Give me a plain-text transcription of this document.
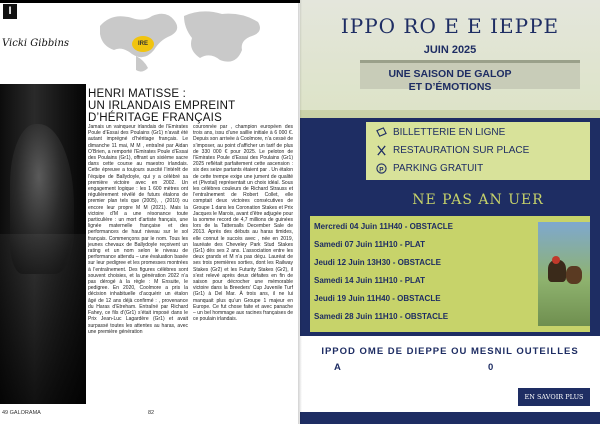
I
Vicki Gibbins	IRE
HENRI MATISSE :
UN IRLANDAIS EMPREINT
D’HÉRITAGE FRANÇAIS
Jamais un vainqueur irlandais de l’Emirates Poule d’Essai des Poulains (Gr1) n’avait été autant imprégné d’héritage français. Le dimanche 11 mai, M M , entraîné par Aidan O’Brien, a remporté l’Emirates Poule d’Essai des Poulains (Gr1), offrant un sixième sacre dans cette course au maestro irlandais. Cette épreuve a toujours suscité l’intérêt de l’équipe de Ballydoyle, qui y a célébré sa première victoire avec en 2002. Un engagement logique : les 1 600 mètres ont régulièrement révélé de futurs étalons de premier plan tels que (2005), , (2010) ou encore leur propre M M (2021). Mais la victoire d’M a une résonance toute particulière : un mort d’artiste français, une lignée maternelle française et des performances de haut niveau sur le sol français. Commençons par le nom. Tous les jeunes chevaux de Ballydoyle reçoivent un rating et un nom selon le niveau de performance attendu – une évaluation basée sur leur pedigree et les promesses montrées à l’entraînement. Des figures célèbres sont souvent choisies, et la génération 2022 n’a pas dérogé à la règle : M Ensuite, le pedigree. En 2020, Coolmore a pris la décision inhabituelle d’acquérir un étalon âgé de 12 ans déjà confirmé : , provenance du Haras d’Etreham. Entraîné par Richard Fahey, ce fils d’(Gr1) s’était imposé dans le Prix Jean-Luc Lagardère (Gr1) et avait surpassé toutes les attentes au haras, avec une première génération
couronnée par , champion européen des trois ans, issu d’une saillie initiale à 6 000 €. Depuis son arrivée à Coolmore, n’a cessé de s’imposer, au point d’afficher un tarif de plus de 330 000 € pour 2025. Le peloton de l’Emirates Poule d’Essai des Poulains (Gr1) 2025 reflétait parfaitement cette ascension : six des seize partants étaient par . Un étalon de cette trempe exige une jument de qualité et (Pivotal) représentait un choix idéal. Sous les célèbres couleurs de Richard Strauss et l’entraînement de Robert Collet, elle comptait deux victoires consécutives de Groupe 1 dans les Coronation Stakes et Prix Jacques le Marois, avant d’être adjugée pour la somme record de 4,7 millions de guinées lors de la Tattersalls December Sale de 2013. Après des débuts au haras timides, elle connut le succès avec , née en 2019, lauréate des Cheveley Park Stud Stakes (Gr1) dès ses 2 ans. L’association entre les deux grands et M n’a pas déçu. Lauréat de ses trois premières sorties, dont les Railway Stakes (Gr2) et les Futurity Stakes (Gr2), il s’est relevé après deux défaites en fin de saison pour décrocher une mémorable victoire dans la Breeders’ Cup Juvenile Turf (Gr1) à Del Mar. À trois ans, il ne lui manquait plus qu’un Groupe 1 majeur en Europe. Ce fut chose faite et avec panache – un bel hommage aux racines françaises de ce poulain irlandais.
49 GALORAMA	82
IPPO RO E E IEPPE
JUIN 2025
UNE SAISON DE GALOP
ET D’ÉMOTIONS
BILLETTERIE EN LIGNE
RESTAURATION SUR PLACE
P PARKING GRATUIT
NE PAS AN UER
Mercredi 04 Juin 11H40 - OBSTACLE
Samedi 07 Juin 11H10 - PLAT
Jeudi 12 Juin 13H30 - OBSTACLE
Samedi 14 Juin 11H10 - PLAT
Jeudi 19 Juin 11H40 - OBSTACLE
Samedi 28 Juin 11H10 - OBSTACLE
IPPOD OME DE DIEPPE OU MESNIL OUTEILLES
A	0
EN SAVOIR PLUS
